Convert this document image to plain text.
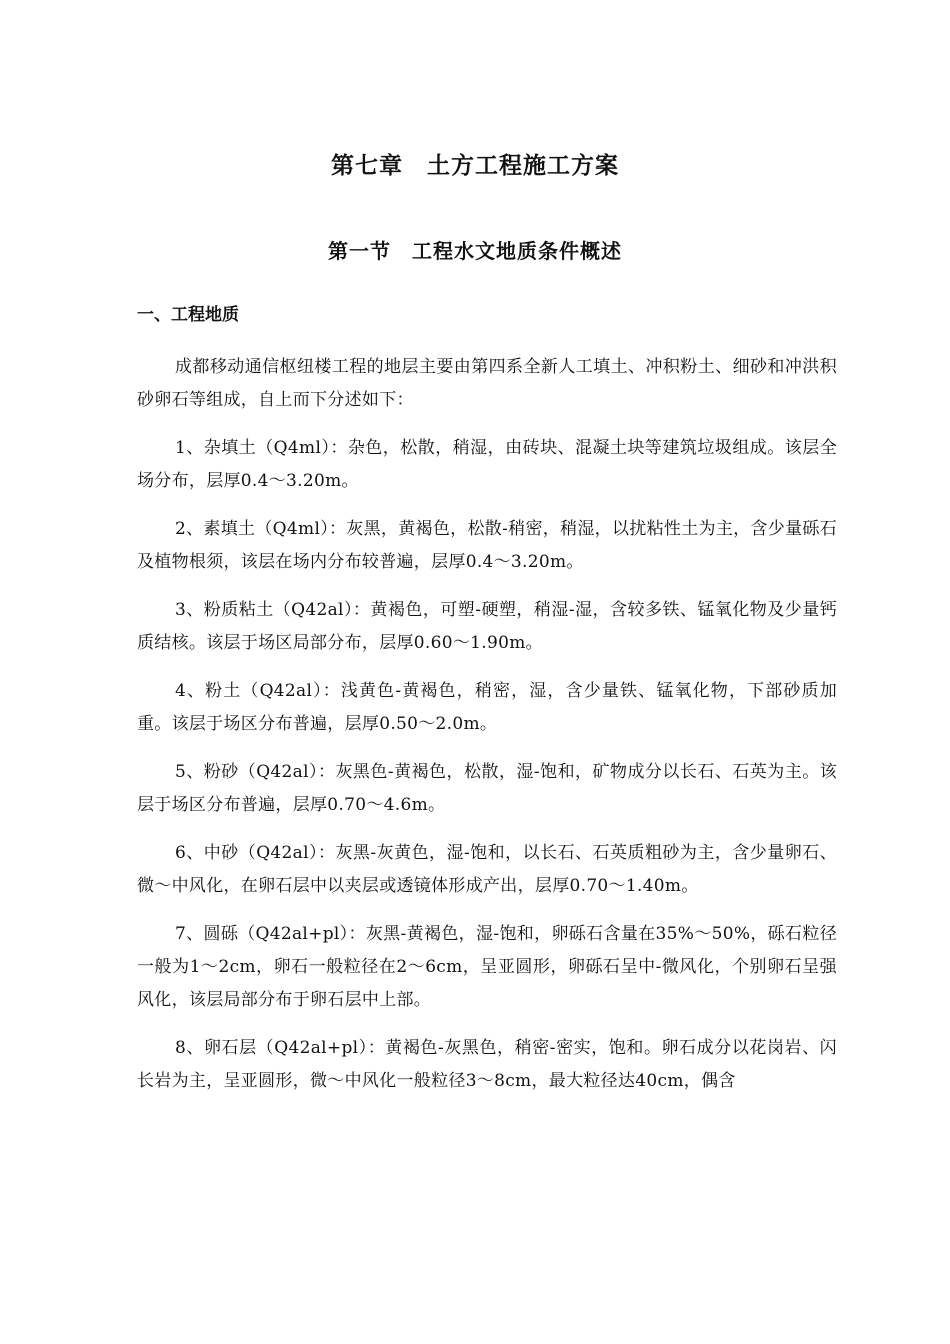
第七章　土方工程施工方案
第一节　工程水文地质条件概述
一、工程地质

成都移动通信枢纽楼工程的地层主要由第四系全新人工填土、冲积粉土、细砂和冲洪积砂卵石等组成，自上而下分述如下：

1、杂填土（Q4ml）：杂色，松散，稍湿，由砖块、混凝土块等建筑垃圾组成。该层全场分布，层厚0.4～3.20m。

2、素填土（Q4ml）：灰黑，黄褐色，松散-稍密，稍湿，以扰粘性土为主，含少量砾石及植物根须，该层在场内分布较普遍，层厚0.4～3.20m。

3、粉质粘土（Q42al）：黄褐色，可塑-硬塑，稍湿-湿，含较多铁、锰氧化物及少量钙质结核。该层于场区局部分布，层厚0.60～1.90m。

4、粉土（Q42al）：浅黄色-黄褐色，稍密，湿，含少量铁、锰氧化物，下部砂质加重。该层于场区分布普遍，层厚0.50～2.0m。

5、粉砂（Q42al）：灰黑色-黄褐色，松散，湿-饱和，矿物成分以长石、石英为主。该层于场区分布普遍，层厚0.70～4.6m。

6、中砂（Q42al）：灰黑-灰黄色，湿-饱和，以长石、石英质粗砂为主，含少量卵石、微～中风化，在卵石层中以夹层或透镜体形成产出，层厚0.70～1.40m。

7、圆砾（Q42al+pl）：灰黑-黄褐色，湿-饱和，卵砾石含量在35%～50%，砾石粒径一般为1～2cm，卵石一般粒径在2～6cm，呈亚圆形，卵砾石呈中-微风化，个别卵石呈强风化，该层局部分布于卵石层中上部。

8、卵石层（Q42al+pl）：黄褐色-灰黑色，稍密-密实，饱和。卵石成分以花岗岩、闪长岩为主，呈亚圆形，微～中风化一般粒径3～8cm，最大粒径达40cm，偶含
